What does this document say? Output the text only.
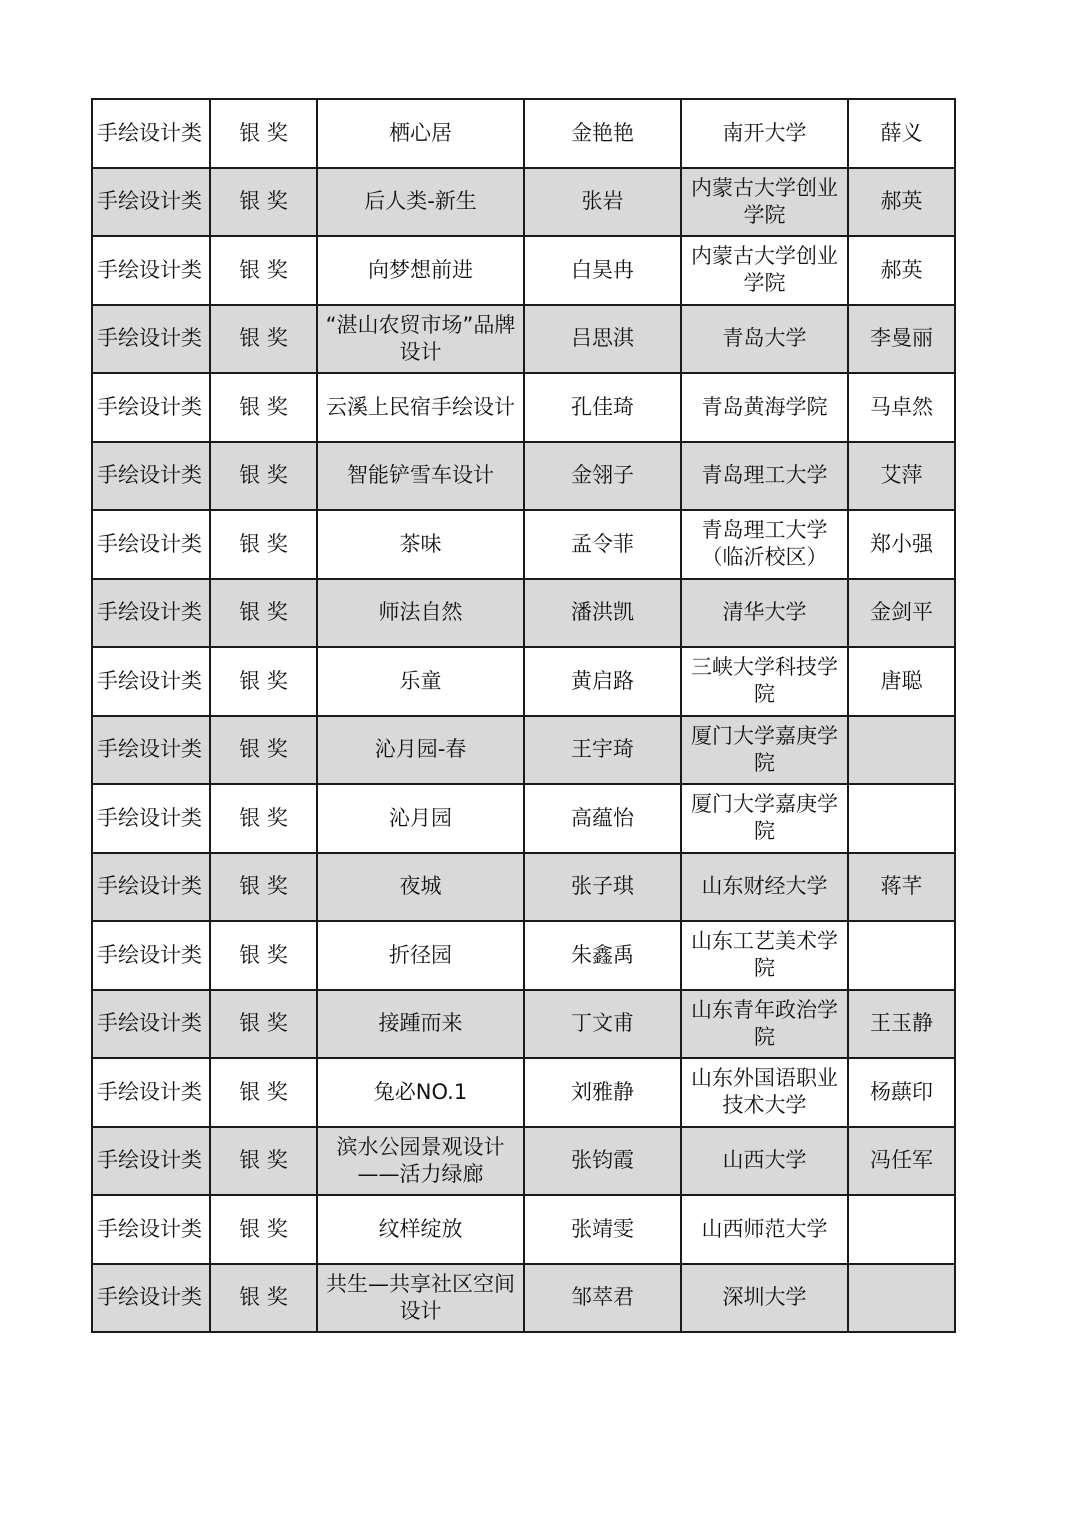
手绘设计类	银 奖	栖心居	金艳艳	南开大学	薛义
手绘设计类	银 奖	后人类-新生	张岩	内蒙古大学创业学院	郝英
手绘设计类	银 奖	向梦想前进	白昊冉	内蒙古大学创业学院	郝英
手绘设计类	银 奖	“湛山农贸市场”品牌设计	吕思淇	青岛大学	李曼丽
手绘设计类	银 奖	云溪上民宿手绘设计	孔佳琦	青岛黄海学院	马卓然
手绘设计类	银 奖	智能铲雪车设计	金翎子	青岛理工大学	艾萍
手绘设计类	银 奖	茶味	孟令菲	青岛理工大学（临沂校区）	郑小强
手绘设计类	银 奖	师法自然	潘洪凯	清华大学	金剑平
手绘设计类	银 奖	乐童	黄启路	三峡大学科技学院	唐聪
手绘设计类	银 奖	沁月园-春	王宇琦	厦门大学嘉庚学院	
手绘设计类	银 奖	沁月园	高蕴怡	厦门大学嘉庚学院	
手绘设计类	银 奖	夜城	张子琪	山东财经大学	蒋芊
手绘设计类	银 奖	折径园	朱鑫禹	山东工艺美术学院	
手绘设计类	银 奖	接踵而来	丁文甫	山东青年政治学院	王玉静
手绘设计类	银 奖	兔必NO.1	刘雅静	山东外国语职业技术大学	杨蕻印
手绘设计类	银 奖	滨水公园景观设计——活力绿廊	张钧霞	山西大学	冯任军
手绘设计类	银 奖	纹样绽放	张靖雯	山西师范大学	
手绘设计类	银 奖	共生—共享社区空间设计	邹萃君	深圳大学	
